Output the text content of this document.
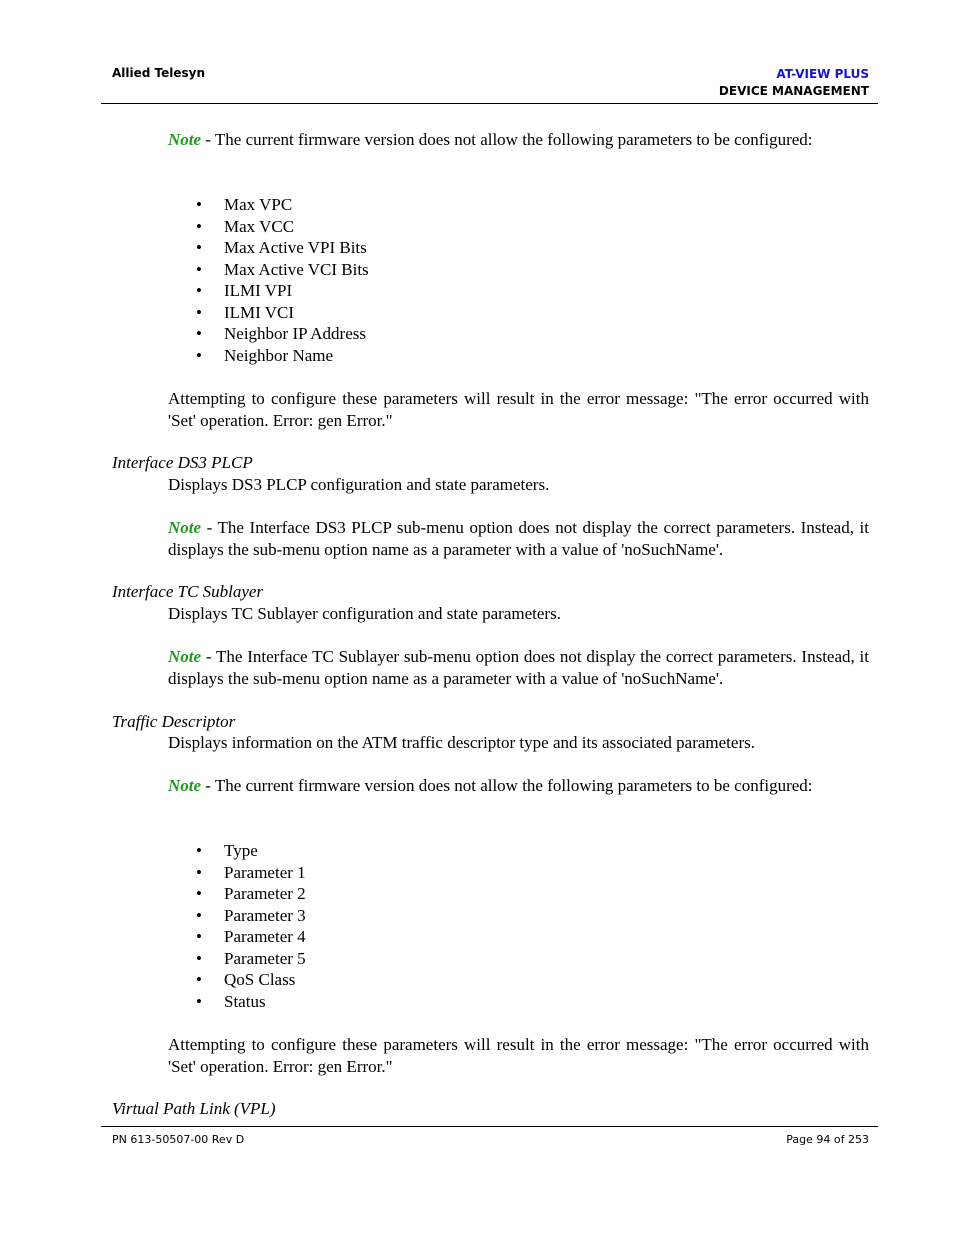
Allied Telesyn	AT-VIEW PLUS
DEVICE MANAGEMENT

Note - The current firmware version does not allow the following parameters to be configured:

• Max VPC
• Max VCC
• Max Active VPI Bits
• Max Active VCI Bits
• ILMI VPI
• ILMI VCI
• Neighbor IP Address
• Neighbor Name

Attempting to configure these parameters will result in the error message: "The error occurred with 'Set' operation. Error: gen Error."

Interface DS3 PLCP

Displays DS3 PLCP configuration and state parameters.

Note - The Interface DS3 PLCP sub-menu option does not display the correct parameters. Instead, it displays the sub-menu option name as a parameter with a value of 'noSuchName'.

Interface TC Sublayer

Displays TC Sublayer configuration and state parameters.

Note - The Interface TC Sublayer sub-menu option does not display the correct parameters. Instead, it displays the sub-menu option name as a parameter with a value of 'noSuchName'.

Traffic Descriptor

Displays information on the ATM traffic descriptor type and its associated parameters.

Note - The current firmware version does not allow the following parameters to be configured:

• Type
• Parameter 1
• Parameter 2
• Parameter 3
• Parameter 4
• Parameter 5
• QoS Class
• Status

Attempting to configure these parameters will result in the error message: "The error occurred with 'Set' operation. Error: gen Error."

Virtual Path Link (VPL)
PN 613-50507-00 Rev D	Page 94 of 253
